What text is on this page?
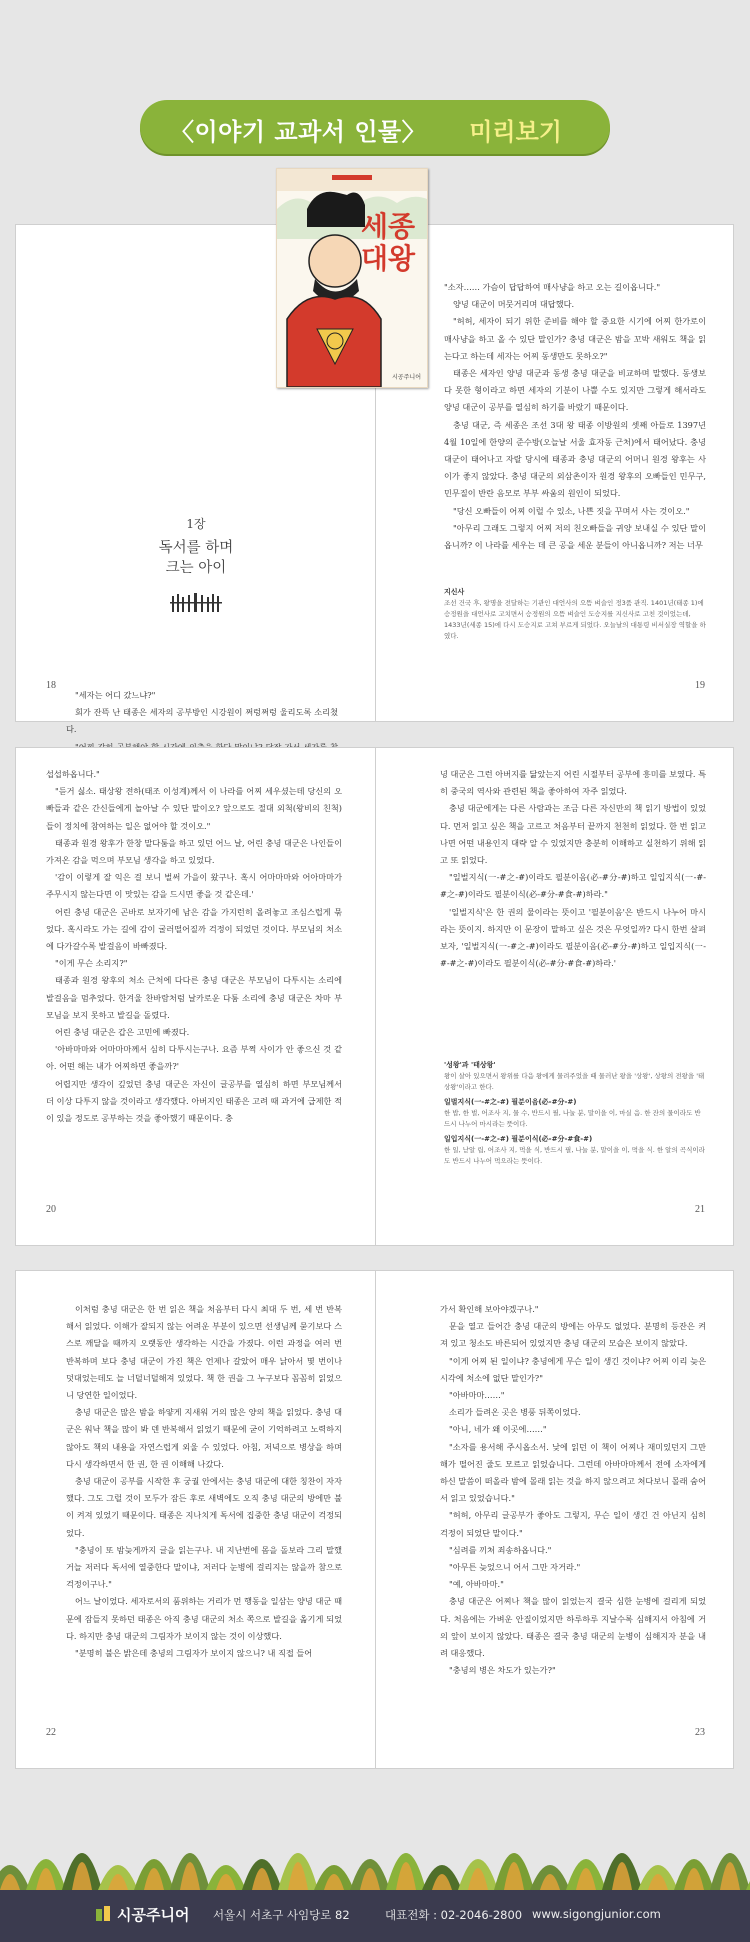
〈이야기 교과서 인물〉 미리보기
1장
독서를 하며
크는 아이

"세자는 어디 갔느냐?"

회가 잔뜩 난 태종은 세자의 공부방인 시강원이 쩌렁쩌렁 울리도록 소리쳤다.

18

"소자…… 가슴이 답답하여 매사냥을 하고 오는 길이옵니다."

양녕 대군이 머뭇거리며 대답했다.

"허허, 세자이 되기 위한 준비를 해야 할 중요한 시기에 어찌 한가로이 매사냥을 하고 올 수 있단 말인가? 충녕 대군은 밤을 꼬박 새워도 책을 읽는다고 하는데 세자는 어찌 동생만도 못하오?"

태종은 세자인 양녕 대군과 동생 충녕 대군을 비교하며 말했다. 동생보다 못한 형이라고 하면 세자의 기분이 나쁠 수도 있지만 그렇게 해서라도 양녕 대군이 공부를 열심히 하기를 바랐기 때문이다.

충녕 대군, 즉 세종은 조선 3대 왕 태종 이방원의 셋째 아들로 1397년 4월 10일에 한양의 준수방(오늘날 서울 효자동 근처)에서 태어났다. 충녕 대군이 태어나고 자랄 당시에 태종과 충녕 대군의 어머니 원경 왕후는 사이가 좋지 않았다. 충녕 대군의 외삼촌이자 원경 왕후의 오빠들인 민무구, 민무질이 반란 음모로 부부 싸움의 원인이 되었다.

"당신 오빠들이 어찌 이럴 수 있소, 나쁜 짓을 꾸며서 사는 것이오."

"아무리 그래도 그렇지 어찌 저의 친오빠들을 귀양 보내실 수 있단 말이옵니까? 이 나라를 세우는 데 큰 공을 세운 분들이 아니옵니까? 저는 너무

지신사

조선 건국 후, 왕명을 전달하는 기관인 대언사의 으뜸 벼슬인 정3품 관직. 1401년(태종 1)에 승정원을 대언사로 고치면서 승정원의 으뜸 벼슬인 도승지를 지신사로 고친 것이었는데, 1433년(세종 15)에 다시 도승지로 고쳐 부르게 되었다. 오늘날의 대통령 비서실장 역할을 하였다.

19
세종
대왕
시공주니어

섭섭하옵니다."

"듣거 싫소. 태상왕 전하(태조 이성계)께서 이 나라를 어찌 세우셨는데 당신의 오빠들과 같은 간신들에게 놀아날 수 있단 말이오? 앞으로도 절대 외척(왕비의 친척)들이 정치에 참여하는 일은 없어야 할 것이오."

태종과 원경 왕후가 한창 말다툼을 하고 있던 어느 날, 어린 충녕 대군은 나인들이 가져온 감을 먹으며 부모님 생각을 하고 있었다.

'감이 이렇게 잘 익은 걸 보니 벌써 가을이 왔구나. 혹시 어마마마와 어아마마가 주무시지 않는다면 이 맛있는 감을 드시면 좋을 것 같은데.'

어린 충녕 대군은 곤바로 보자기에 남은 감을 가지런히 올려놓고 조심스럽게 묶었다. 혹시라도 가는 길에 감이 굴러떨어질까 걱정이 되었던 것이다. 부모님의 처소에 다가갈수록 발걸음이 바빠졌다.

"이게 무슨 소리지?"

태종과 원경 왕후의 처소 근처에 다다른 충녕 대군은 부모님이 다투시는 소리에 발걸음을 멈추었다. 한겨울 찬바람처럼 날카로운 다툼 소리에 충녕 대군은 차마 부모님을 보지 못하고 발길을 돌렸다.

어린 충녕 대군은 갑은 고민에 빠졌다.

'아바마마와 어마마마께서 심히 다투시는구나. 요즘 부쩍 사이가 안 좋으신 것 같아. 어떤 해는 내가 어찌하면 좋을까?'

어렵지만 생각이 깊었던 충녕 대군은 자신이 글공부를 열심히 하면 부모님께서 더 이상 다투지 않을 것이라고 생각했다. 아버지인 태종은 고려 때 과거에 급제한 적이 있을 정도로 공부하는 것을 좋아했기 때문이다. 충

20

녕 대군은 그런 아버지를 닮았는지 어린 시절부터 공부에 흥미를 보였다. 특히 중국의 역사와 관련된 책을 좋아하여 자주 읽었다.

충녕 대군에게는 다른 사람과는 조금 다른 자신만의 책 읽기 방법이 있었다. 먼저 읽고 싶은 책을 고르고 처음부터 끝까지 천천히 읽었다. 한 번 읽고 나면 어떤 내용인지 대략 알 수 있었지만 충분히 이해하고 실천하기 위해 읽고 또 읽었다.

"일벌지식(一-#之-#)이라도 필분이음(必-#分-#)하고 일입지식(一-#-#之-#)이라도 필분이식(必-#分-#食-#)하라."

'일벌지식'은 한 권의 물이라는 뜻이고 '필분이음'은 반드시 나누어 마시라는 뜻이지. 하지만 이 문장이 말하고 싶은 것은 무엇일까? 다시 한번 살펴보자, '일벌지식(一-#之-#)이라도 필분이음(必-#分-#)하고 일입지식(一-#-#之-#)이라도 필분이식(必-#分-#食-#)하라.'

'성왕'과 '태상왕'

왕이 살아 있으면서 왕위를 다음 왕에게 물려주었을 때 물러난 왕을 '상왕', 상왕의 전왕을 '태상왕'이라고 한다.

일벌지식(一-#之-#) 필분이음(必-#分-#)

한 밥, 한 벌, 어조사 지, 물 수, 반드시 필, 나눌 분, 말이을 이, 마실 음. 한 잔의 물이라도 반드시 나누어 마시라는 뜻이다.

일입지식(一-#之-#) 필분이식(必-#分-#食-#)

한 일, 낟알 립, 어조사 지, 먹을 식, 반드시 필, 나눌 분, 말이을 이, 먹을 식. 한 알의 곡식이라도 반드시 나누어 먹으라는 뜻이다.

21

이처럼 충녕 대군은 한 번 읽은 책을 처음부터 다시 최대 두 번, 세 번 반복해서 읽었다. 이해가 잘되지 않는 어려운 부분이 있으면 선생님께 묻기보다 스스로 깨달을 때까지 오랫동안 생각하는 시간을 가졌다. 이런 과정을 여러 번 반복하며 보다 충녕 대군이 가진 책은 언제나 갈았어 매우 낡아서 몇 번이나 덧대었는데도 늘 너덜너덜해져 있었다. 책 한 권을 그 누구보다 꼼꼼히 읽었으니 당연한 일이었다.

충녕 대군은 많은 밤을 하얗게 지새워 거의 많은 양의 책을 읽었다. 충녕 대군은 워낙 책을 많이 봐 덴 반복해서 읽었기 때문에 굳이 기억하려고 노력하지 않아도 책의 내용을 자연스럽게 외울 수 있었다. 아침, 저녁으로 병상을 하며 다시 생각하면서 한 권, 한 권 이해해 나갔다.

충녕 대군이 공부를 시작한 후 궁궐 안에서는 충녕 대군에 대한 칭찬이 자자했다. 그도 그럴 것이 모두가 잠든 후로 새벽에도 오직 충녕 대군의 방에만 불이 켜져 있었기 때문이다. 태종은 지나치게 독서에 집중한 충녕 대군이 걱정되었다.

"충녕이 또 밤늦게까지 글을 읽는구나. 내 지난번에 몸을 돌보라 그리 말했거늘 저러다 독서에 열중한다 말이냐, 저러다 눈병에 걸리지는 않을까 참으로 걱정이구나."

어느 날이었다. 세자로서의 품위하는 거리가 먼 행동을 일삼는 양녕 대군 때문에 잠들지 못하던 태종은 아직 충녕 대군의 처소 쪽으로 발길을 옮기게 되었다. 하지만 충녕 대군의 그림자가 보이지 않는 것이 이상했다.

"분명히 불은 밝은데 충녕의 그림자가 보이지 않으니? 내 직접 들어

22

가서 확인해 보아야겠구나."

문을 열고 들어간 충녕 대군의 방에는 아무도 없었다. 분명히 등잔은 켜져 있고 청소도 바른되어 있었지만 충녕 대군의 모습은 보이지 않았다.

"이게 어찌 된 일이냐? 충녕에게 무슨 일이 생긴 것이냐? 어찌 이리 늦은 시각에 처소에 없단 말인가?"

"아바마마……"

소리가 들려온 곳은 병풍 뒤쪽이었다.

"아니, 네가 왜 이곳에……"

"소자를 용서해 주시옵소서. 낮에 읽던 이 책이 어찌나 재미있던지 그만 해가 떨어진 줄도 모르고 읽었습니다. 그런데 아바마마께서 전에 소자에게 하신 말씀이 떠올라 밤에 몰래 읽는 것을 하지 않으려고 쳐다보니 몰래 숨어서 읽고 있었습니다."

"허허, 아무리 글공부가 좋아도 그렇지, 무슨 일이 생긴 건 아닌지 심히 걱정이 되었단 말이다."

"심려를 끼쳐 죄송하옵니다."

"아무튼 늦었으니 어서 그만 자거라."

"예, 아바마마."

충녕 대군은 어찌나 책을 많이 읽었는지 결국 심한 눈병에 걸리게 되었다. 처음에는 가벼운 안질이었지만 하루하루 지날수록 심해지서 아침에 거의 앞이 보이지 않았다. 태종은 결국 충녕 대군의 눈병이 심해지자 분을 내려 대응했다.

"충녕의 병은 차도가 있는가?"

23
시공주니어 서울시 서초구 사임당로 82	대표전화 : 02-2046-2800 www.sigongjunior.com
